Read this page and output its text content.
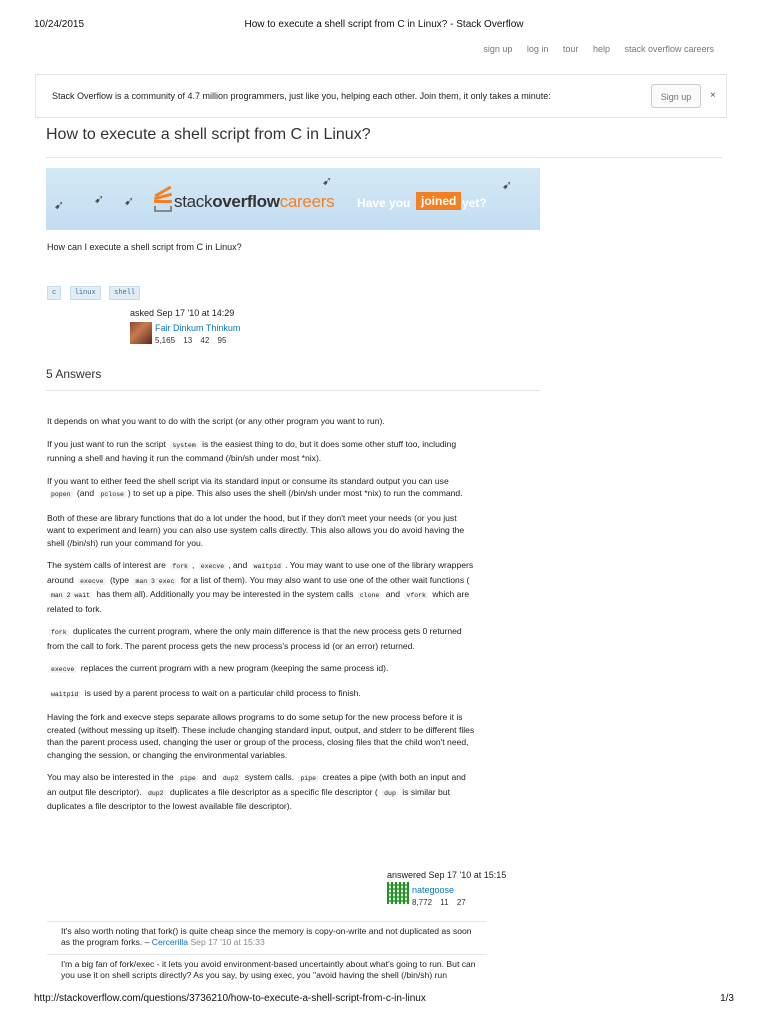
10/24/2015	How to execute a shell script from C in Linux? - Stack Overflow
sign up log in tour help stack overflow careers
Stack Overflow is a community of 4.7 million programmers, just like you, helping each other. Join them, it only takes a minute:	Sign up	×
How to execute a shell script from C in Linux?
➹ ➹ ➹
➹	➹
stackoverflowcareers Have you joined yet?
How can I execute a shell script from C in Linux?
c	linux	shell
asked Sep 17 '10 at 14:29
Fair Dinkum Thinkum
5,165 13 42 95
5 Answers

It depends on what you want to do with the script (or any other program you want to run).

If you just want to run the script system is the easiest thing to do, but it does some other stuff too, including running a shell and having it run the command (/bin/sh under most *nix).

If you want to either feed the shell script via its standard input or consume its standard output you can use popen (and pclose ) to set up a pipe. This also uses the shell (/bin/sh under most *nix) to run the command.

Both of these are library functions that do a lot under the hood, but if they don't meet your needs (or you just want to experiment and learn) you can also use system calls directly. This also allows you do avoid having the shell (/bin/sh) run your command for you.

The system calls of interest are fork , execve , and waitpid . You may want to use one of the library wrappers around execve (type man 3 exec for a list of them). You may also want to use one of the other wait functions ( man 2 wait has them all). Additionally you may be interested in the system calls clone and vfork which are related to fork.

fork duplicates the current program, where the only main difference is that the new process gets 0 returned from the call to fork. The parent process gets the new process's process id (or an error) returned.

execve replaces the current program with a new program (keeping the same process id).

waitpid is used by a parent process to wait on a particular child process to finish.

Having the fork and execve steps separate allows programs to do some setup for the new process before it is created (without messing up itself). These include changing standard input, output, and stderr to be different files than the parent process used, changing the user or group of the process, closing files that the child won't need, changing the session, or changing the environmental variables.

You may also be interested in the pipe and dup2 system calls. pipe creates a pipe (with both an input and an output file descriptor). dup2 duplicates a file descriptor as a specific file descriptor ( dup is similar but duplicates a file descriptor to the lowest available file descriptor).

answered Sep 17 '10 at 15:15
nategoose
8,772 11 27
It's also worth noting that fork() is quite cheap since the memory is copy-on-write and not duplicated as soon as the program forks. – Cercerilla Sep 17 '10 at 15:33
I'm a big fan of fork/exec - it lets you avoid environment-based uncertaintly about what's going to run. But can you use it on shell scripts directly? As you say, by using exec, you "avoid having the shell (/bin/sh) run
http://stackoverflow.com/questions/3736210/how-to-execute-a-shell-script-from-c-in-linux	1/3
